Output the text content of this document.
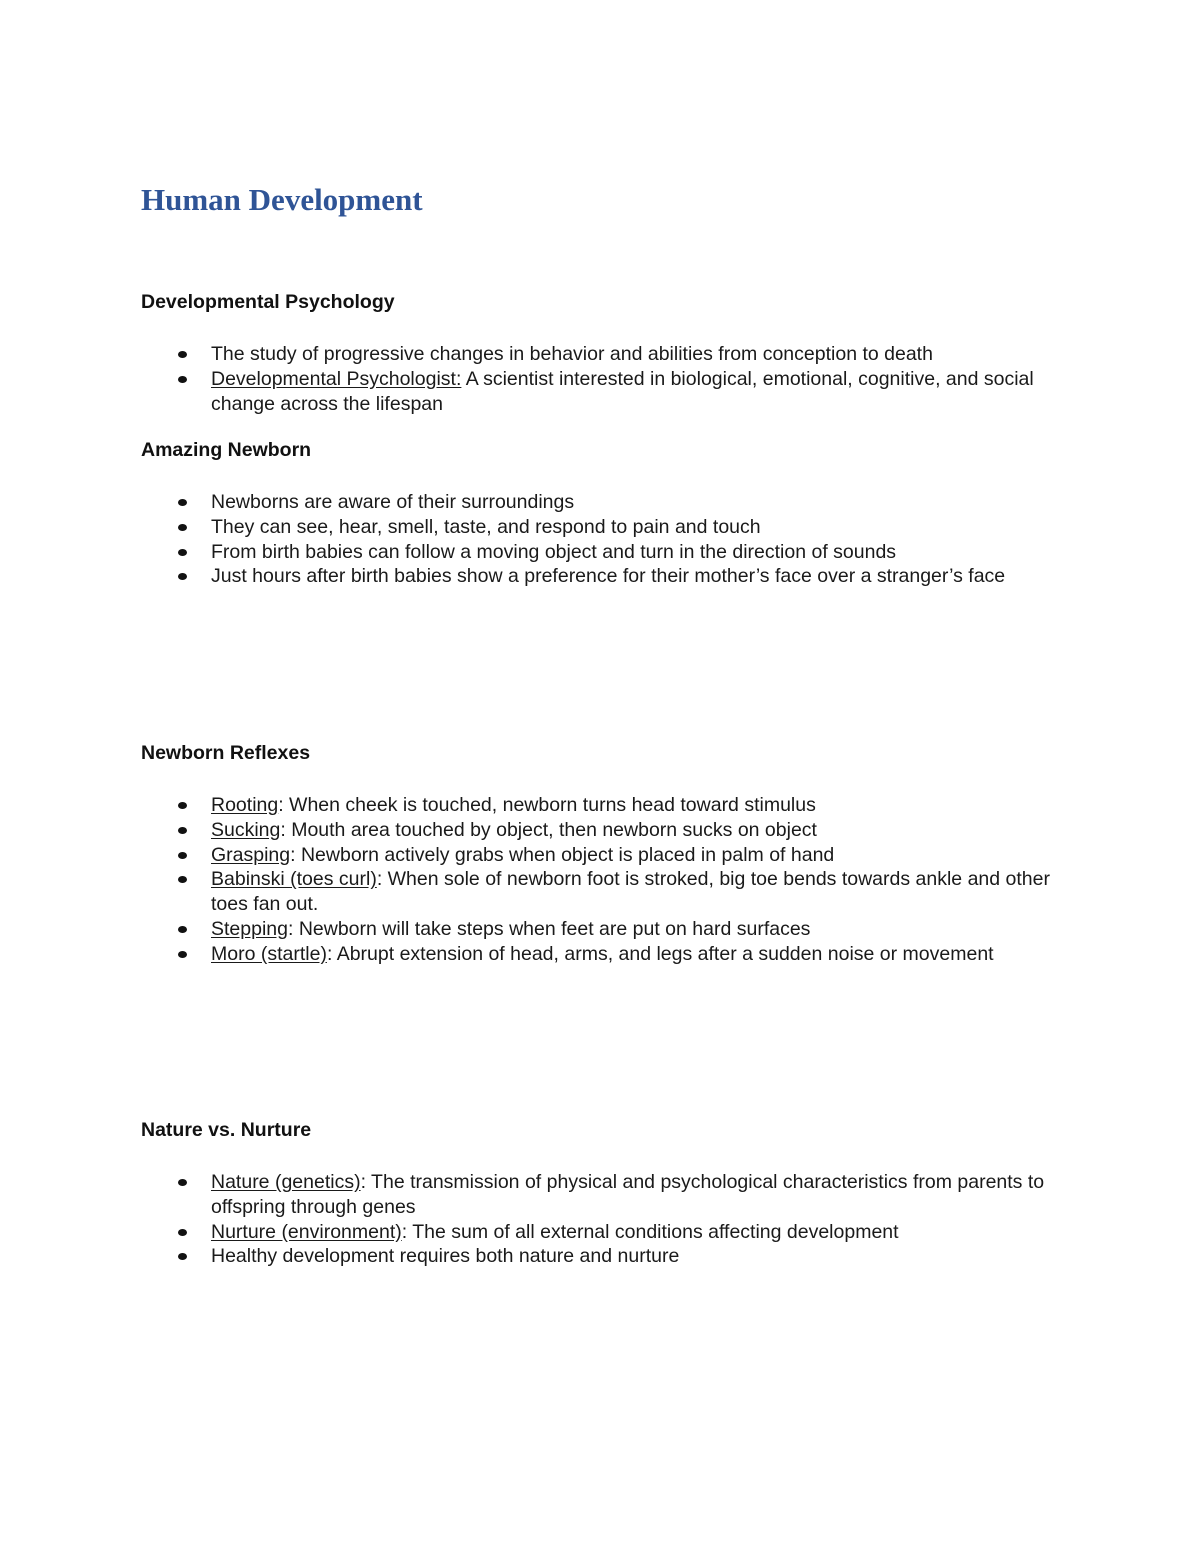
Human Development
Developmental Psychology
The study of progressive changes in behavior and abilities from conception to death
Developmental Psychologist: A scientist interested in biological, emotional, cognitive, and social change across the lifespan
Amazing Newborn
Newborns are aware of their surroundings
They can see, hear, smell, taste, and respond to pain and touch
From birth babies can follow a moving object and turn in the direction of sounds
Just hours after birth babies show a preference for their mother’s face over a stranger’s face
Newborn Reflexes
Rooting: When cheek is touched, newborn turns head toward stimulus
Sucking: Mouth area touched by object, then newborn sucks on object
Grasping: Newborn actively grabs when object is placed in palm of hand
Babinski (toes curl): When sole of newborn foot is stroked, big toe bends towards ankle and other toes fan out.
Stepping: Newborn will take steps when feet are put on hard surfaces
Moro (startle): Abrupt extension of head, arms, and legs after a sudden noise or movement
Nature vs. Nurture
Nature (genetics): The transmission of physical and psychological characteristics from parents to offspring through genes
Nurture (environment): The sum of all external conditions affecting development
Healthy development requires both nature and nurture
